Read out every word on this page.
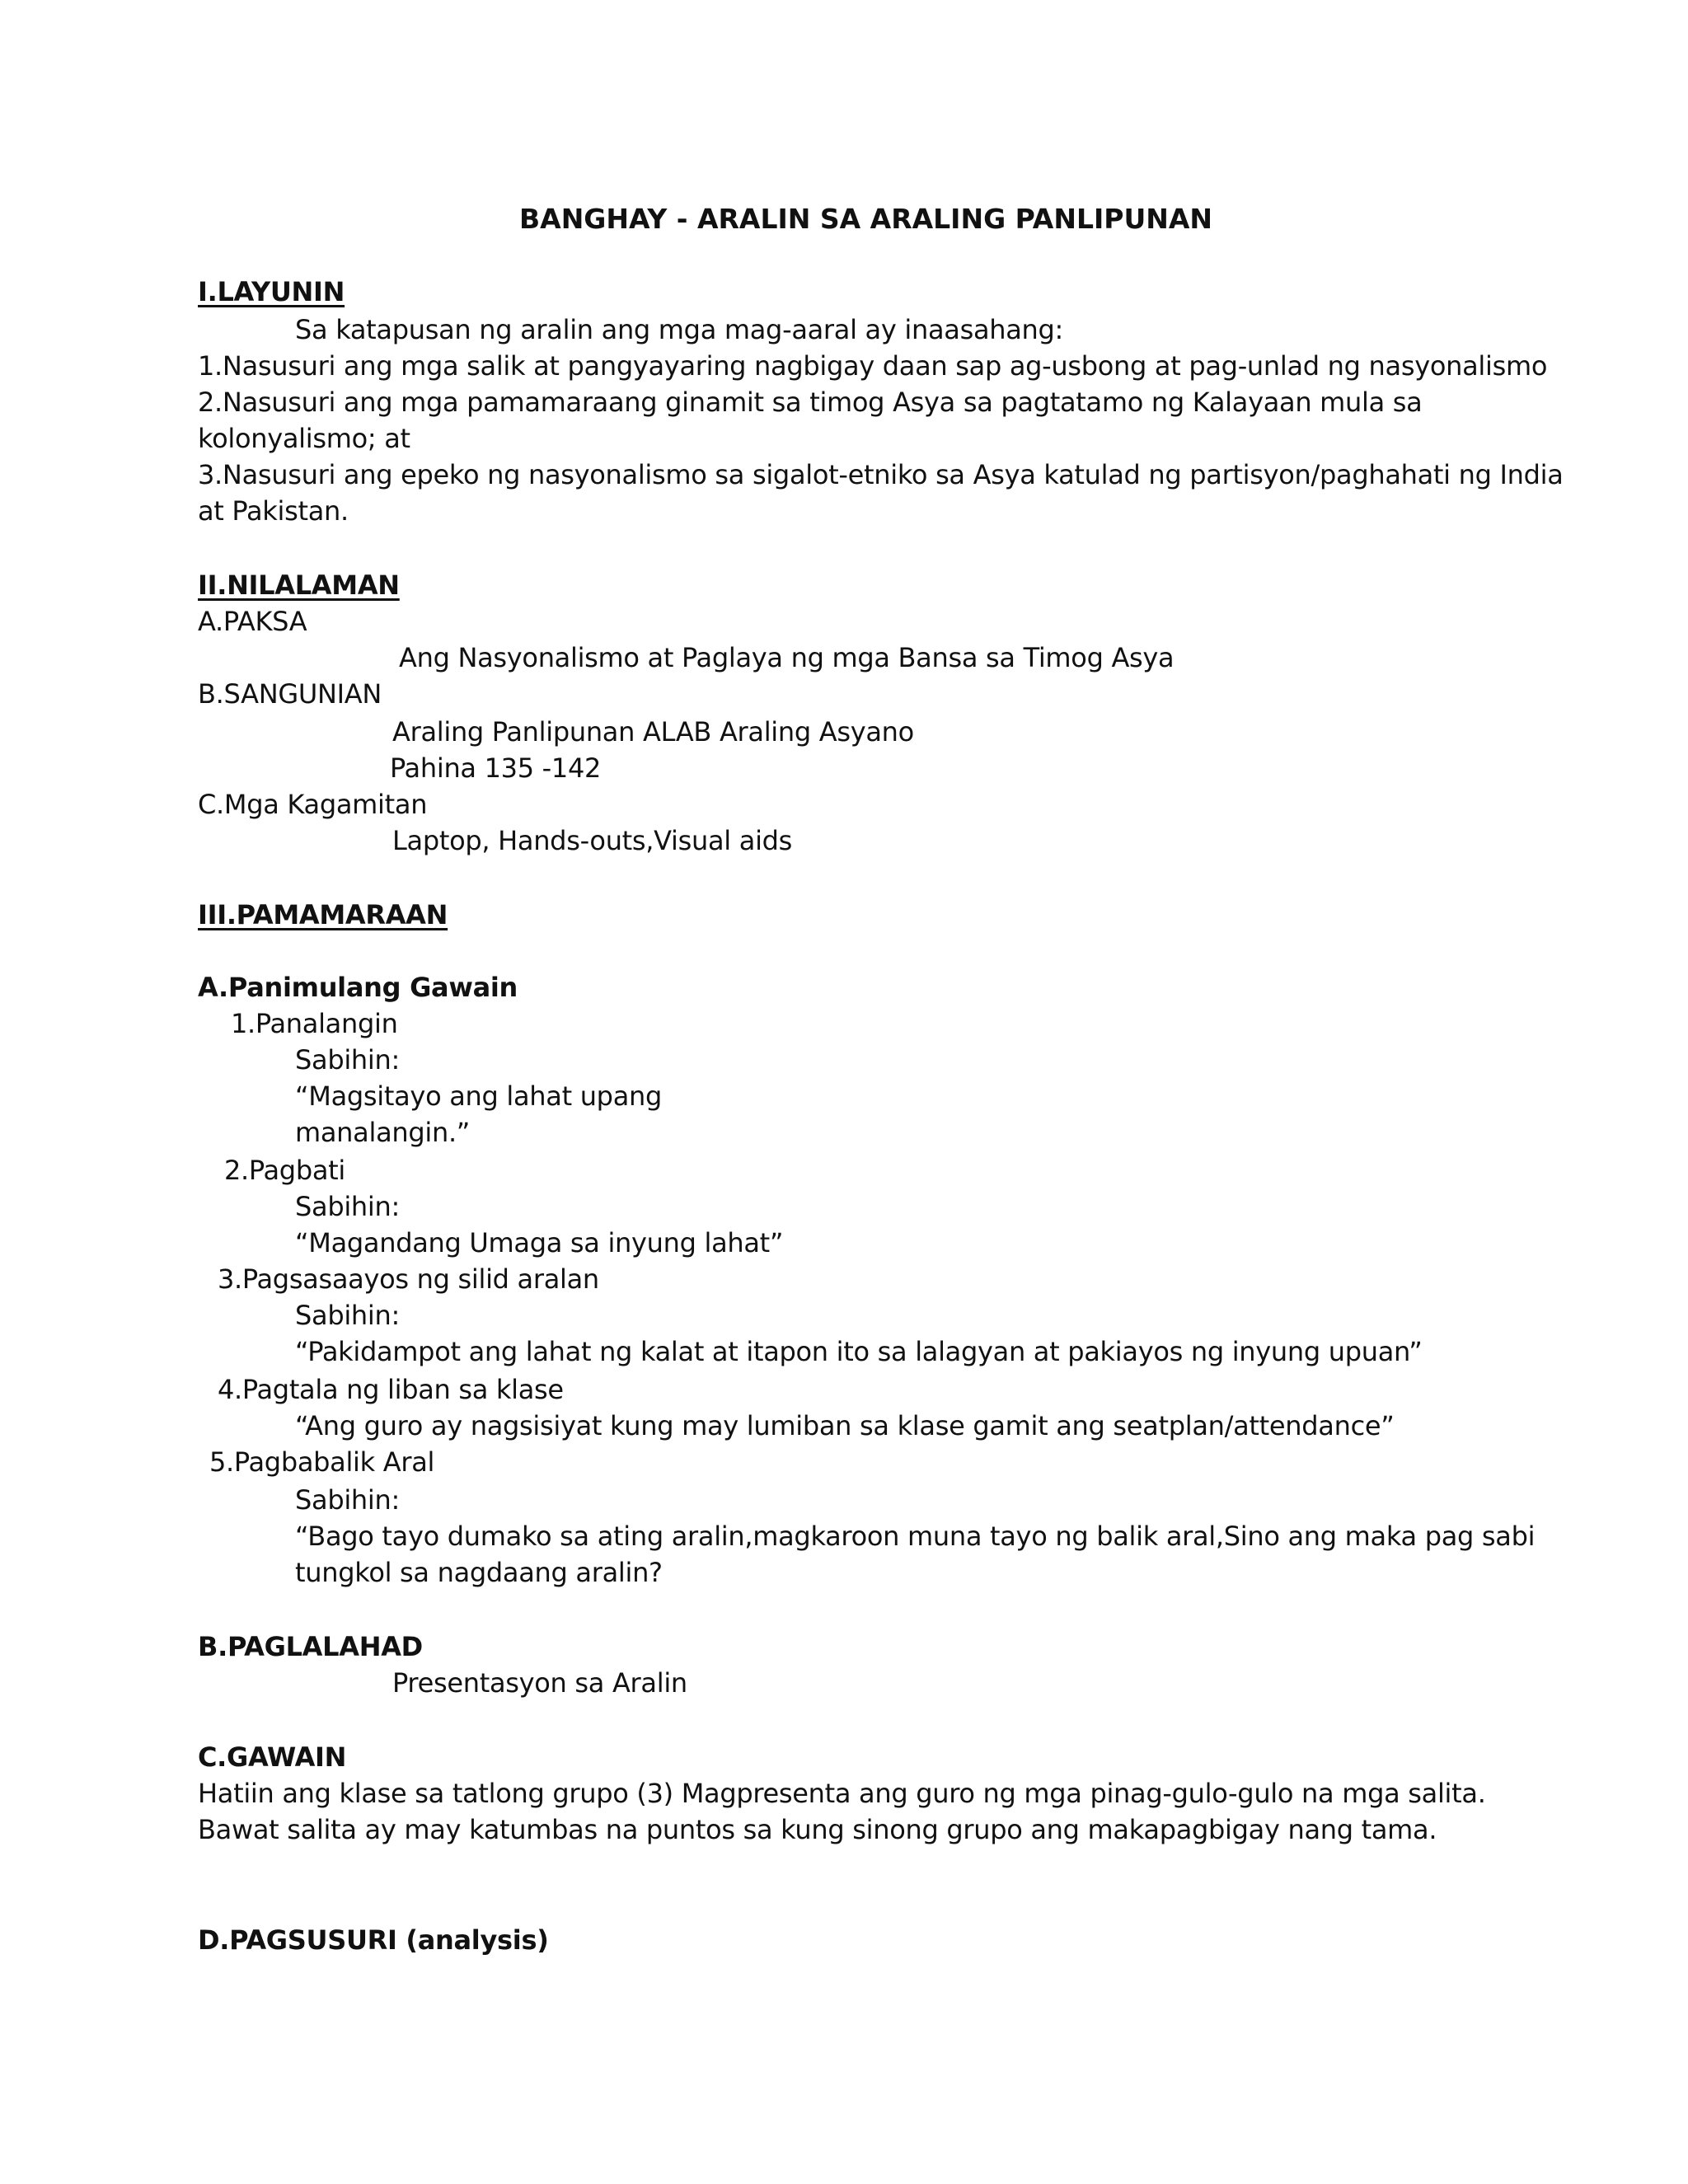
BANGHAY - ARALIN SA ARALING PANLIPUNAN
I.LAYUNIN
Sa katapusan ng aralin ang mga mag-aaral ay inaasahang:
1.Nasusuri ang mga salik at pangyayaring nagbigay daan sap ag-usbong at pag-unlad ng nasyonalismo
2.Nasusuri ang mga pamamaraang ginamit sa timog Asya sa pagtatamo ng Kalayaan mula sa
kolonyalismo; at
3.Nasusuri ang epeko ng nasyonalismo sa sigalot-etniko sa Asya katulad ng partisyon/paghahati ng India
at Pakistan.
II.NILALAMAN
A.PAKSA
Ang Nasyonalismo at Paglaya ng mga Bansa sa Timog Asya
B.SANGUNIAN
Araling Panlipunan ALAB Araling Asyano
Pahina 135 -142
C.Mga Kagamitan
Laptop, Hands-outs,Visual aids
III.PAMAMARAAN
A.Panimulang Gawain
1.Panalangin
Sabihin:
“Magsitayo ang lahat upang
manalangin.”
2.Pagbati
Sabihin:
“Magandang Umaga sa inyung lahat”
3.Pagsasaayos ng silid aralan
Sabihin:
“Pakidampot ang lahat ng kalat at itapon ito sa lalagyan at pakiayos ng inyung upuan”
4.Pagtala ng liban sa klase
“Ang guro ay nagsisiyat kung may lumiban sa klase gamit ang seatplan/attendance”
5.Pagbabalik Aral
Sabihin:
“Bago tayo dumako sa ating aralin,magkaroon muna tayo ng balik aral,Sino ang maka pag sabi
tungkol sa nagdaang aralin?
B.PAGLALAHAD
Presentasyon sa Aralin
C.GAWAIN
Hatiin ang klase sa tatlong grupo (3) Magpresenta ang guro ng mga pinag-gulo-gulo na mga salita.
Bawat salita ay may katumbas na puntos sa kung sinong grupo ang makapagbigay nang tama.
D.PAGSUSURI (analysis)
